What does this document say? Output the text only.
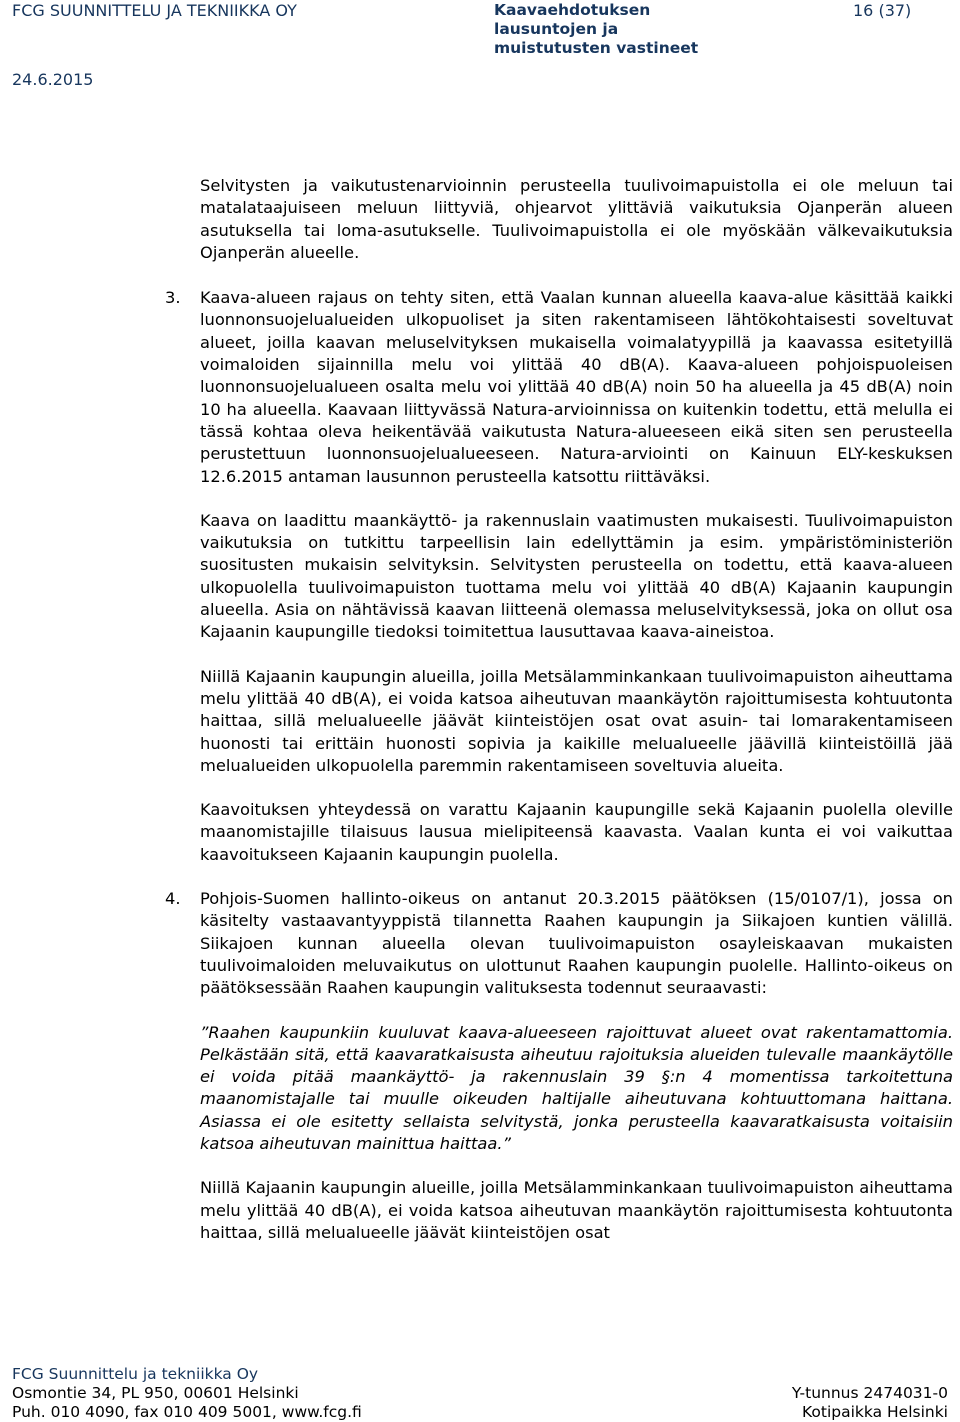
FCG SUUNNITTELU JA TEKNIIKKA OY	Kaavaehdotuksen
lausuntojen ja
muistutusten vastineet
16 (37)
24.6.2015
Selvitysten ja vaikutustenarvioinnin perusteella tuulivoimapuistolla ei ole meluun tai matalataajuiseen meluun liittyviä, ohjearvot ylittäviä vaikutuksia Ojanperän alueen asutuksella tai loma-asutukselle. Tuulivoimapuistolla ei ole myöskään välkevaikutuksia Ojanperän alueelle.
3. Kaava-alueen rajaus on tehty siten, että Vaalan kunnan alueella kaava-alue käsittää kaikki luonnonsuojelualueiden ulkopuoliset ja siten rakentamiseen lähtökohtaisesti soveltuvat alueet, joilla kaavan meluselvityksen mukaisella voimalatyypillä ja kaavassa esitetyillä voimaloiden sijainnilla melu voi ylittää 40 dB(A). Kaava-alueen pohjoispuoleisen luonnonsuojelualueen osalta melu voi ylittää 40 dB(A) noin 50 ha alueella ja 45 dB(A) noin 10 ha alueella. Kaavaan liittyvässä Natura-arvioinnissa on kuitenkin todettu, että melulla ei tässä kohtaa oleva heikentävää vaikutusta Natura-alueeseen eikä siten sen perusteella perustettuun luonnonsuojelualueeseen. Natura-arviointi on Kainuun ELY-keskuksen 12.6.2015 antaman lausunnon perusteella katsottu riittäväksi.
Kaava on laadittu maankäyttö- ja rakennuslain vaatimusten mukaisesti. Tuulivoimapuiston vaikutuksia on tutkittu tarpeellisin lain edellyttämin ja esim. ympäristöministeriön suositusten mukaisin selvityksin. Selvitysten perusteella on todettu, että kaava-alueen ulkopuolella tuulivoimapuiston tuottama melu voi ylittää 40 dB(A) Kajaanin kaupungin alueella. Asia on nähtävissä kaavan liitteenä olemassa meluselvityksessä, joka on ollut osa Kajaanin kaupungille tiedoksi toimitettua lausuttavaa kaava-aineistoa.
Niillä Kajaanin kaupungin alueilla, joilla Metsälamminkankaan tuulivoimapuiston aiheuttama melu ylittää 40 dB(A), ei voida katsoa aiheutuvan maankäytön rajoittumisesta kohtuutonta haittaa, sillä melualueelle jäävät kiinteistöjen osat ovat asuin- tai lomarakentamiseen huonosti tai erittäin huonosti sopivia ja kaikille melualueelle jäävillä kiinteistöillä jää melualueiden ulkopuolella paremmin rakentamiseen soveltuvia alueita.
Kaavoituksen yhteydessä on varattu Kajaanin kaupungille sekä Kajaanin puolella oleville maanomistajille tilaisuus lausua mielipiteensä kaavasta. Vaalan kunta ei voi vaikuttaa kaavoitukseen Kajaanin kaupungin puolella.
4. Pohjois-Suomen hallinto-oikeus on antanut 20.3.2015 päätöksen (15/0107/1), jossa on käsitelty vastaavantyyppistä tilannetta Raahen kaupungin ja Siikajoen kuntien välillä. Siikajoen kunnan alueella olevan tuulivoimapuiston osayleiskaavan mukaisten tuulivoimaloiden meluvaikutus on ulottunut Raahen kaupungin puolelle. Hallinto-oikeus on päätöksessään Raahen kaupungin valituksesta todennut seuraavasti:
”Raahen kaupunkiin kuuluvat kaava-alueeseen rajoittuvat alueet ovat rakentamattomia. Pelkästään sitä, että kaavaratkaisusta aiheutuu rajoituksia alueiden tulevalle maankäytölle ei voida pitää maankäyttö- ja rakennuslain 39 §:n 4 momentissa tarkoitettuna maanomistajalle tai muulle oikeuden haltijalle aiheutuvana kohtuuttomana haittana. Asiassa ei ole esitetty sellaista selvitystä, jonka perusteella kaavaratkaisusta voitaisiin katsoa aiheutuvan mainittua haittaa.”
Niillä Kajaanin kaupungin alueille, joilla Metsälamminkankaan tuulivoimapuiston aiheuttama melu ylittää 40 dB(A), ei voida katsoa aiheutuvan maankäytön rajoittumisesta kohtuutonta haittaa, sillä melualueelle jäävät kiinteistöjen osat
FCG Suunnittelu ja tekniikka Oy
Osmontie 34, PL 950, 00601 Helsinki	Y-tunnus 2474031-0
Puh. 010 4090, fax 010 409 5001, www.fcg.fi	Kotipaikka Helsinki
